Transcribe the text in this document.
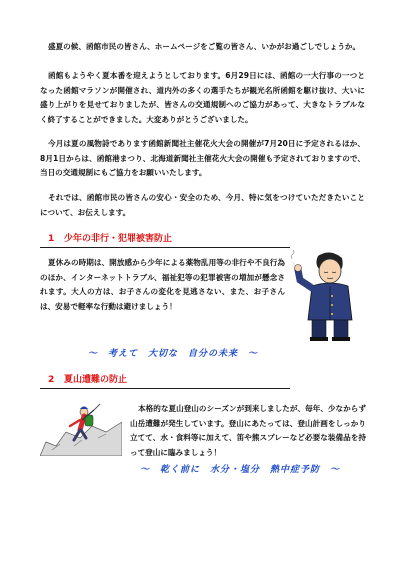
盛夏の候、函館市民の皆さん、ホームページをご覧の皆さん、いかがお過ごしでしょうか。

函館もようやく夏本番を迎えようとしております。6月29日には、函館の一大行事の一つとなった函館マラソンが開催され、道内外の多くの選手たちが観光名所函館を駆け抜け、大いに盛り上がりを見せておりましたが、皆さんの交通規制へのご協力があって、大きなトラブルなく終了することができました。大変ありがとうございました。

今月は夏の風物詩であります函館新聞社主催花火大会の開催が7月20日に予定されるほか、8月1日からは、函館港まつり、北海道新聞社主催花火大会の開催も予定されておりますので、当日の交通規制にもご協力をお願いいたします。

それでは、函館市民の皆さんの安心・安全のため、今月、特に気をつけていただきたいことについて、お伝えします。

1 少年の非行・犯罪被害防止

夏休みの時期は、開放感から少年による薬物乱用等の非行や不良行為のほか、インターネットトラブル、福祉犯等の犯罪被害の増加が懸念されます。大人の方は、お子さんの変化を見逃さない、また、お子さんは、安易で軽率な行動は避けましょう！

～　考えて　大切な　自分の未来　～
2 夏山遭難の防止

本格的な夏山登山のシーズンが到来しましたが、毎年、少なからず山岳遭難が発生しています。登山にあたっては、登山計画をしっかり立てて、水・食料等に加えて、笛や熊スプレーなど必要な装備品を持って登山に臨みましょう！

～　乾く前に　水分・塩分　熱中症予防　～
